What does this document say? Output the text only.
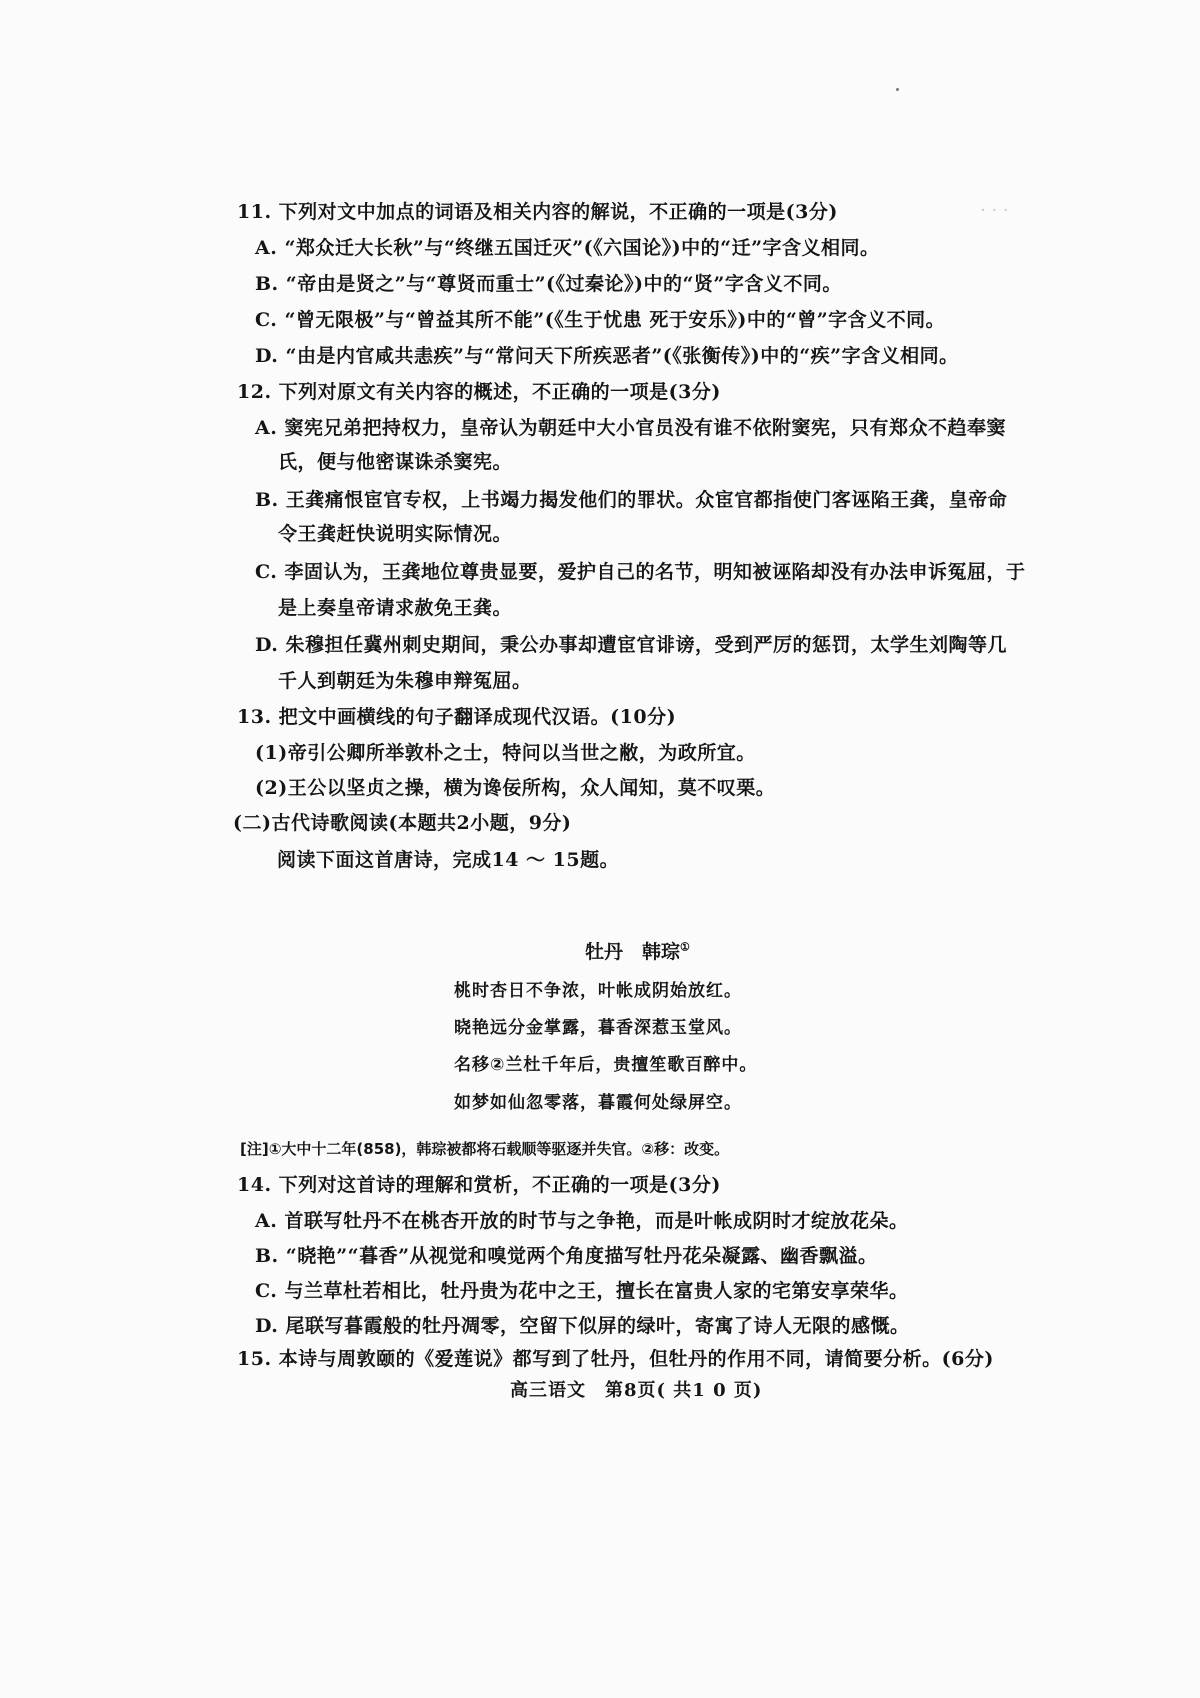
· · ·
11. 下列对文中加点的词语及相关内容的解说，不正确的一项是(3分)
A. “郑众迁大长秋”与“终继五国迁灭”(《六国论》)中的“迁”字含义相同。
B. “帝由是贤之”与“尊贤而重士”(《过秦论》)中的“贤”字含义不同。
C. “曾无限极”与“曾益其所不能”(《生于忧患 死于安乐》)中的“曾”字含义不同。
D. “由是内官咸共恚疾”与“常问天下所疾恶者”(《张衡传》)中的“疾”字含义相同。
12. 下列对原文有关内容的概述，不正确的一项是(3分)
A. 窦宪兄弟把持权力，皇帝认为朝廷中大小官员没有谁不依附窦宪，只有郑众不趋奉窦
氏，便与他密谋诛杀窦宪。
B. 王龚痛恨宦官专权，上书竭力揭发他们的罪状。众宦官都指使门客诬陷王龚，皇帝命
令王龚赶快说明实际情况。
C. 李固认为，王龚地位尊贵显要，爱护自己的名节，明知被诬陷却没有办法申诉冤屈，于
是上奏皇帝请求赦免王龚。
D. 朱穆担任冀州刺史期间，秉公办事却遭宦官诽谤，受到严厉的惩罚，太学生刘陶等几
千人到朝廷为朱穆申辩冤屈。
13. 把文中画横线的句子翻译成现代汉语。(10分)
(1)帝引公卿所举敦朴之士，特问以当世之敝，为政所宜。
(2)王公以坚贞之操，横为谗佞所构，众人闻知，莫不叹栗。
(二)古代诗歌阅读(本题共2小题，9分)
阅读下面这首唐诗，完成14 ～ 15题。
牡丹　韩琮①
桃时杏日不争浓，叶帐成阴始放红。
晓艳远分金掌露，暮香深惹玉堂风。
名移②兰杜千年后，贵擅笙歌百醉中。
如梦如仙忽零落，暮霞何处绿屏空。
[注]①大中十二年(858)，韩琮被都将石载顺等驱逐并失官。②移：改变。
14. 下列对这首诗的理解和赏析，不正确的一项是(3分)
A. 首联写牡丹不在桃杏开放的时节与之争艳，而是叶帐成阴时才绽放花朵。
B. “晓艳”“暮香”从视觉和嗅觉两个角度描写牡丹花朵凝露、幽香飘溢。
C. 与兰草杜若相比，牡丹贵为花中之王，擅长在富贵人家的宅第安享荣华。
D. 尾联写暮霞般的牡丹凋零，空留下似屏的绿叶，寄寓了诗人无限的感慨。
15. 本诗与周敦颐的《爱莲说》都写到了牡丹，但牡丹的作用不同，请简要分析。(6分)
高三语文　第8页( 共1 0 页)
